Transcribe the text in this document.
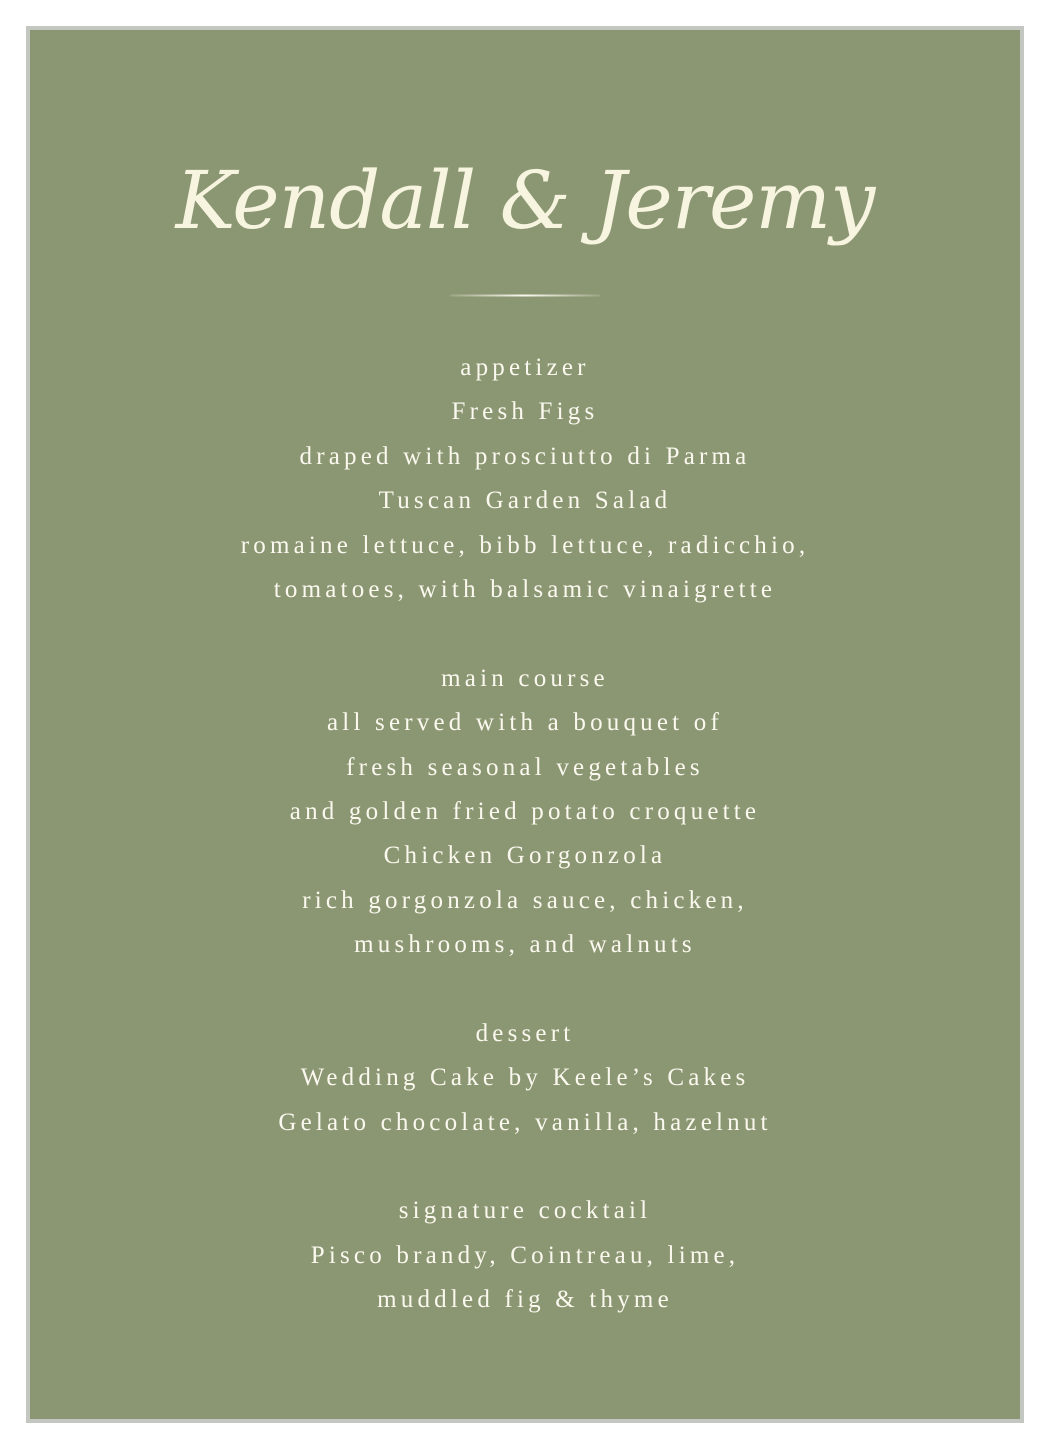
Kendall & Jeremy
appetizer
Fresh Figs
draped with prosciutto di Parma
Tuscan Garden Salad
romaine lettuce, bibb lettuce, radicchio,
tomatoes, with balsamic vinaigrette
main course
all served with a bouquet of
fresh seasonal vegetables
and golden fried potato croquette
Chicken Gorgonzola
rich gorgonzola sauce, chicken,
mushrooms, and walnuts
dessert
Wedding Cake by Keele’s Cakes
Gelato chocolate, vanilla, hazelnut
signature cocktail
Pisco brandy, Cointreau, lime,
muddled fig & thyme
